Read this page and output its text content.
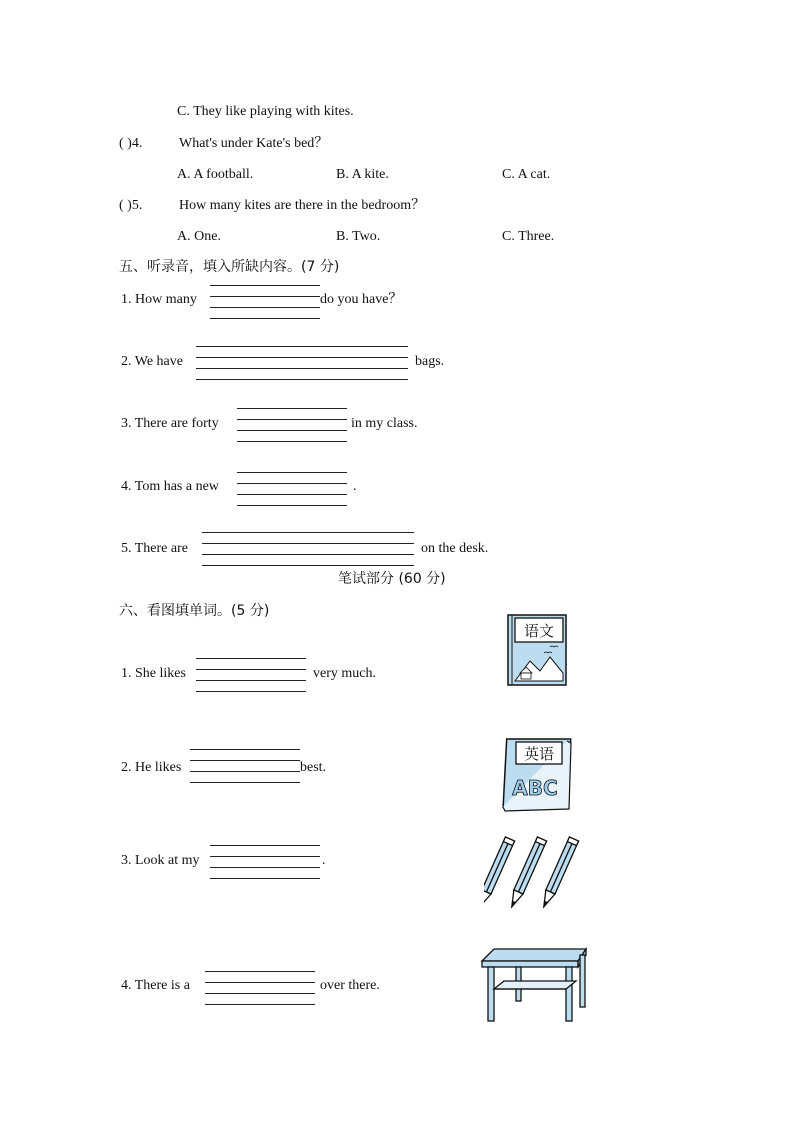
C. They like playing with kites.
( )4.	What's under Kate's bed？
A. A football.	B. A kite.	C. A cat.
( )5.	How many kites are there in the bedroom？
A. One.	B. Two.	C. Three.
五、听录音，填入所缺内容。(7 分)
1. How many	do you have？
2. We have	bags.
3. There are forty	in my class.
4. Tom has a new	.
5. There are	on the desk.
笔试部分 (60 分)
六、看图填单词。(5 分)
1. She likes	very much.
2. He likes	best.
3. Look at my	.
4. There is a	over there.
语文
英语
ABC
